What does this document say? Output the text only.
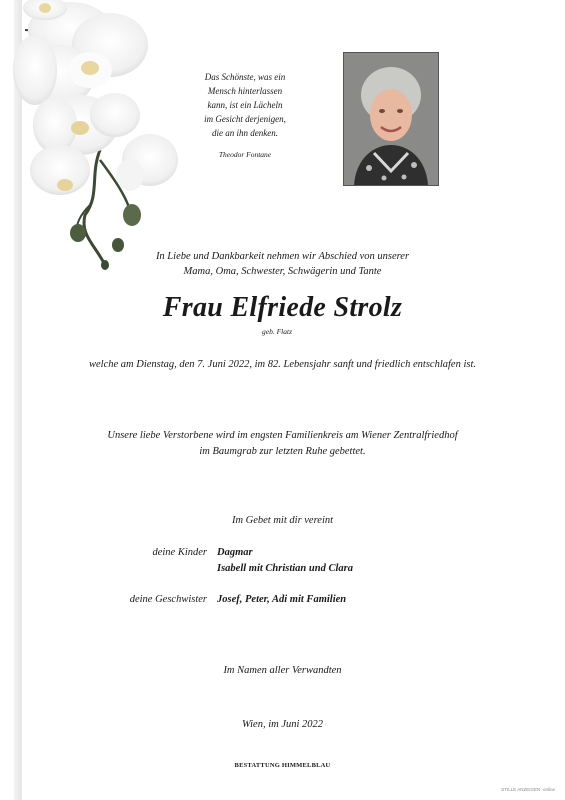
Das Schönste, was ein
Mensch hinterlassen
kann, ist ein Lächeln
im Gesicht derjenigen,
die an ihn denken.
Theodor Fontane
In Liebe und Dankbarkeit nehmen wir Abschied von unserer
Mama, Oma, Schwester, Schwägerin und Tante
Frau Elfriede Strolz
geb. Flatz
welche am Dienstag, den 7. Juni 2022, im 82. Lebensjahr sanft und friedlich entschlafen ist.
Unsere liebe Verstorbene wird im engsten Familienkreis am Wiener Zentralfriedhof
im Baumgrab zur letzten Ruhe gebettet.
Im Gebet mit dir vereint
deine Kinder Dagmar
Isabell mit Christian und Clara
deine Geschwister Josef, Peter, Adi mit Familien
Im Namen aller Verwandten
Wien, im Juni 2022
BESTATTUNG HIMMELBLAU
STILLE ANZEIGEN ·online
